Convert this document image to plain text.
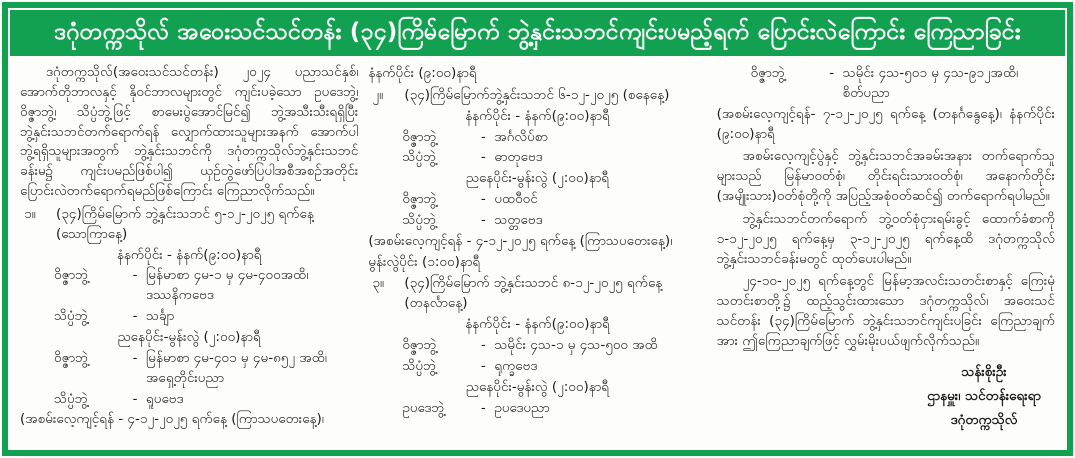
ဒဂုံတက္ကသိုလ် အဝေးသင်သင်တန်း (၃၄)ကြိမ်မြောက် ဘွဲ့နှင်းသဘင်ကျင်းပမည့်ရက် ပြောင်းလဲကြောင်း ကြေညာခြင်း

ဒဂုံတက္ကသိုလ်(အဝေးသင်သင်တန်း) ၂၀၂၄ ပညာသင်နှစ်၊ အောက်တိုဘာလနှင့် နိုဝင်ဘာလများတွင် ကျင်းပခဲ့သော ဥပဒေဘွဲ့၊ ဝိဇ္ဇာဘွဲ့၊ သိပ္ပံဘွဲ့ဖြင့် စာမေးပွဲအောင်မြင်၍ ဘွဲ့အသီးသီးရရှိပြီး ဘွဲ့နှင်းသဘင်တက်ရောက်ရန် လျှောက်ထားသူများအနက် အောက်ပါဘွဲ့ရရှိသူများအတွက် ဘွဲ့နှင်းသဘင်ကို ဒဂုံတက္ကသိုလ်ဘွဲ့နှင်းသဘင်ခန်းမ၌ ကျင်းပမည်ဖြစ်ပါ၍ ယှဉ်တွဲဖော်ပြပါအစီအစဉ်အတိုင်း ပြောင်းလဲတက်ရောက်ရမည်ဖြစ်ကြောင်း ကြေညာလိုက်သည်။

၁။	(၃၄)ကြိမ်မြောက် ဘွဲ့နှင်းသဘင် ၅-၁၂-၂၀၂၅ ရက်နေ့
(သောကြာနေ့)
နံနက်ပိုင်း - နံနက်(၉:၀၀)နာရီ
ဝိဇ္ဇာဘွဲ့	- မြန်မာစာ ၄မ-၁ မှ ၄မ-၄၀၀အထိ၊ ဒဿနိကဗေဒ
သိပ္ပံဘွဲ့	- သင်္ချာ
ညနေပိုင်း-မွန်းလွဲ (၂:၀၀)နာရီ
ဝိဇ္ဇာဘွဲ့	- မြန်မာစာ ၄မ-၄၀၁ မှ ၄မ-၈၅၂ အထိ၊ အရှေ့တိုင်းပညာ
သိပ္ပံဘွဲ့	- ရူပဗေဒ
(အစမ်းလေ့ကျင့်ရန် - ၄-၁၂-၂၀၂၅ ရက်နေ့ (ကြာသပတေးနေ့)၊
နံနက်ပိုင်း (၉:၀၀)နာရီ
၂။	(၃၄)ကြိမ်မြောက်ဘွဲ့နှင်းသဘင် ၆-၁၂-၂၀၂၅ (စနေနေ့)
နံနက်ပိုင်း - နံနက်(၉:၀၀)နာရီ
ဝိဇ္ဇာဘွဲ့	- အင်္ဂလိပ်စာ
သိပ္ပံဘွဲ့	- ဓာတုဗေဒ
ညနေပိုင်း-မွန်းလွဲ (၂:၀၀)နာရီ
ဝိဇ္ဇာဘွဲ့	- ပထဝီဝင်
သိပ္ပံဘွဲ့	- သတ္တဗေဒ
(အစမ်းလေ့ကျင့်ရန် - ၄-၁၂-၂၀၂၅ ရက်နေ့ (ကြာသပတေးနေ့)၊
မွန်းလွဲပိုင်း (၁:၀၀)နာရီ
၃။	(၃၄)ကြိမ်မြောက် ဘွဲ့နှင်းသဘင် ၈-၁၂-၂၀၂၅ ရက်နေ့
(တနင်္လာနေ့)
နံနက်ပိုင်း - နံနက်(၉:၀၀)နာရီ
ဝိဇ္ဇာဘွဲ့	- သမိုင်း ၄သ-၁ မှ ၄သ-၅၀၀ အထိ
သိပ္ပံဘွဲ့	- ရုက္ခဗေဒ
ညနေပိုင်း-မွန်းလွဲ (၂:၀၀)နာရီ
ဥပဒေဘွဲ့	- ဥပဒေပညာ
ဝိဇ္ဇာဘွဲ့	- သမိုင်း ၄သ-၅၀၁ မှ ၄သ-၉၁၂အထိ၊ စိတ်ပညာ

(အစမ်းလေ့ကျင့်ရန်- ၇-၁၂-၂၀၂၅ ရက်နေ့ (တနင်္ဂနွေနေ့)၊ နံနက်ပိုင်း (၉:၀၀)နာရီ

အစမ်းလေ့ကျင့်ပွဲနှင့် ဘွဲ့နှင်းသဘင်အခမ်းအနား တက်ရောက်သူများသည် မြန်မာဝတ်စုံ၊ တိုင်းရင်းသားဝတ်စုံ၊ အနောက်တိုင်း (အမျိုးသား)ဝတ်စုံတို့ကို အပြည့်အစုံဝတ်ဆင်၍ တက်ရောက်ရပါမည်။

ဘွဲ့နှင်းသဘင်တက်ရောက် ဘွဲ့ဝတ်စုံငှားရမ်းခွင့် ထောက်ခံစာကို ၁-၁၂-၂၀၂၅ ရက်နေ့မှ ၃-၁၂-၂၀၂၅ ရက်နေ့ထိ ဒဂုံတက္ကသိုလ် ဘွဲ့နှင်းသဘင်ခန်းမတွင် ထုတ်ပေးပါမည်။

၂၄-၁၀-၂၀၂၅ ရက်နေ့တွင် မြန်မာ့အလင်းသတင်းစာနှင့် ကြေးမုံသတင်းစာတို့၌ ထည့်သွင်းထားသော ဒဂုံတက္ကသိုလ်၊ အဝေးသင်သင်တန်း (၃၄)ကြိမ်မြောက် ဘွဲ့နှင်းသဘင်ကျင်းပခြင်း ကြေညာချက်အား ဤကြေညာချက်ဖြင့် လွှမ်းမိုးပယ်ဖျက်လိုက်သည်။

သန်းစိုးဦး
ဌာနမှူး၊ သင်တန်းရေးရာ
ဒဂုံတက္ကသိုလ်
